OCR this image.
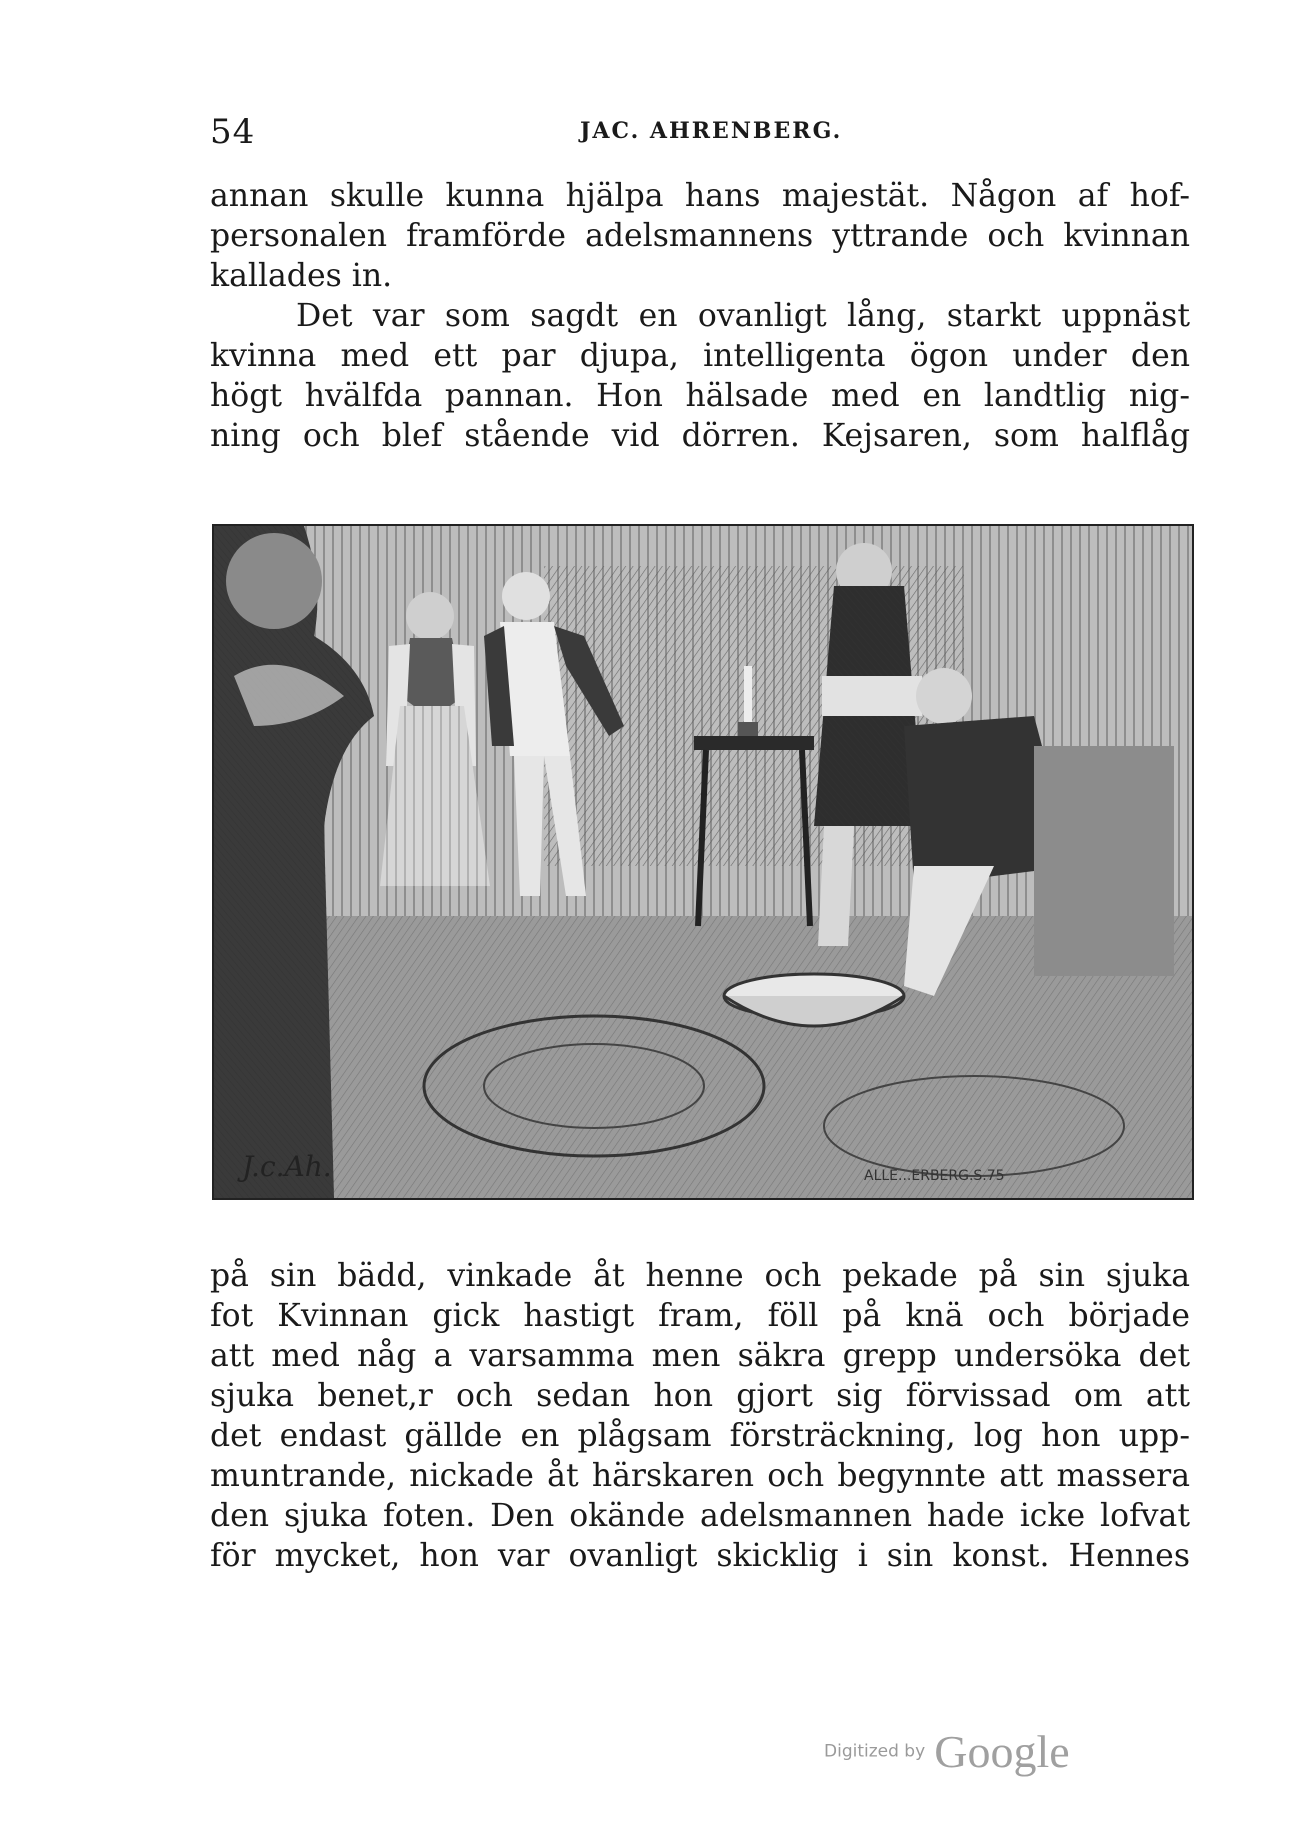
54	JAC. AHRENBERG.
annan skulle kunna hjälpa hans majestät. Någon af hof-
personalen framförde adelsmannens yttrande och kvinnan
kallades in.
Det var som sagdt en ovanligt lång, starkt uppnäst
kvinna med ett par djupa, intelligenta ögon under den
högt hvälfda pannan. Hon hälsade med en landtlig nig-
ning och blef stående vid dörren. Kejsaren, som halflåg
J.c.Ah.	ALLE...ERBERG.S.75
på sin bädd, vinkade åt henne och pekade på sin sjuka
fot Kvinnan gick hastigt fram, föll på knä och började
att med någ a varsamma men säkra grepp undersöka det
sjuka benet,r och sedan hon gjort sig förvissad om att
det endast gällde en plågsam försträckning, log hon upp-
muntrande, nickade åt härskaren och begynnte att massera
den sjuka foten. Den okände adelsmannen hade icke lofvat
för mycket, hon var ovanligt skicklig i sin konst. Hennes
Digitized by Google
